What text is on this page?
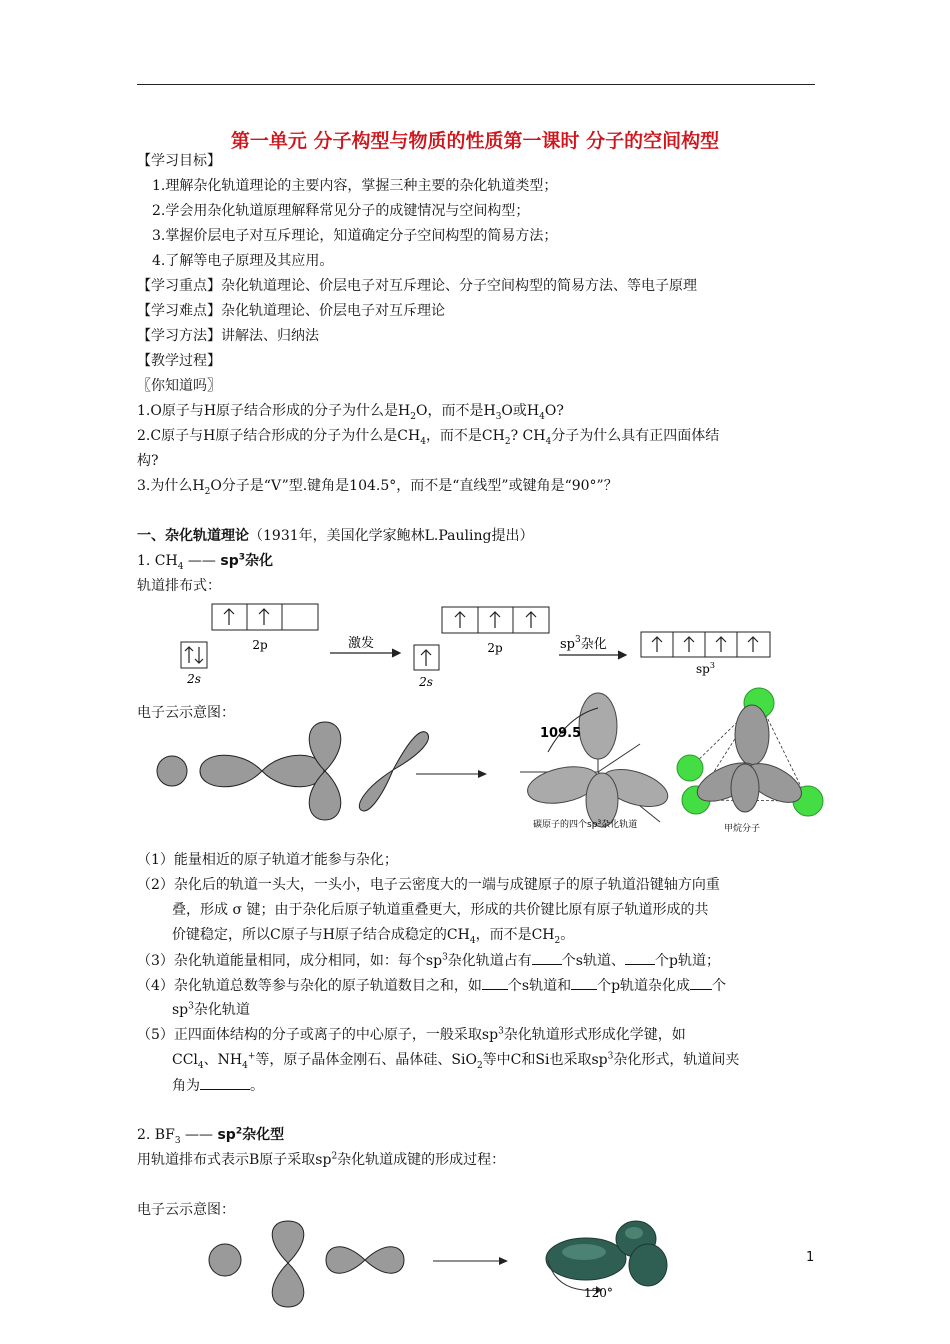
第一单元 分子构型与物质的性质第一课时 分子的空间构型
【学习目标】
1.理解杂化轨道理论的主要内容，掌握三种主要的杂化轨道类型；
2.学会用杂化轨道原理解释常见分子的成键情况与空间构型；
3.掌握价层电子对互斥理论，知道确定分子空间构型的简易方法；
4.了解等电子原理及其应用。
【学习重点】杂化轨道理论、价层电子对互斥理论、分子空间构型的简易方法、等电子原理
【学习难点】杂化轨道理论、价层电子对互斥理论
【学习方法】讲解法、归纳法
【教学过程】
〖你知道吗〗
1.O原子与H原子结合形成的分子为什么是$H_2O$，而不是$H_3O$或$H_4O$?
2.C原子与H原子结合形成的分子为什么是$CH_4$，而不是$CH_2$? $CH_4$分子为什么具有正四面体结
构?
3.为什么$H_2O$分子是“V”型.键角是104.5°，而不是“直线型”或键角是“90°”？
一、杂化轨道理论（1931年，美国化学家鲍林L.Pauling提出）
1. $CH_4$ —— $sp^3$杂化
轨道排布式：
2p
2s
激发
2s
2p	$sp^3$杂化
$sp^3$
电子云示意图：
109.5
碳原子的四个$sp^3$杂化轨道	甲烷分子
（1）能量相近的原子轨道才能参与杂化；
（2）杂化后的轨道一头大，一头小，电子云密度大的一端与成键原子的原子轨道沿键轴方向重
叠，形成 σ 键；由于杂化后原子轨道重叠更大，形成的共价键比原有原子轨道形成的共
价键稳定，所以C原子与H原子结合成稳定的$CH_4$，而不是$CH_2$。
（3）杂化轨道能量相同，成分相同，如：每个$sp^3$杂化轨道占有 个s轨道、 个p轨道；
（4）杂化轨道总数等参与杂化的原子轨道数目之和，如 个s轨道和 个p轨道杂化成 个
$sp^3$杂化轨道
（5）正四面体结构的分子或离子的中心原子，一般采取$sp^3$杂化轨道形式形成化学键，如
CCl$_4$、$NH_4^+$等，原子晶体金刚石、晶体硅、SiO$_2$等中C和Si也采取$sp^3$杂化形式，轨道间夹
角为	。
2. $BF_3$ —— $sp^2$杂化型
用轨道排布式表示B原子采取$sp^2$杂化轨道成键的形成过程：
电子云示意图：
120°
1
